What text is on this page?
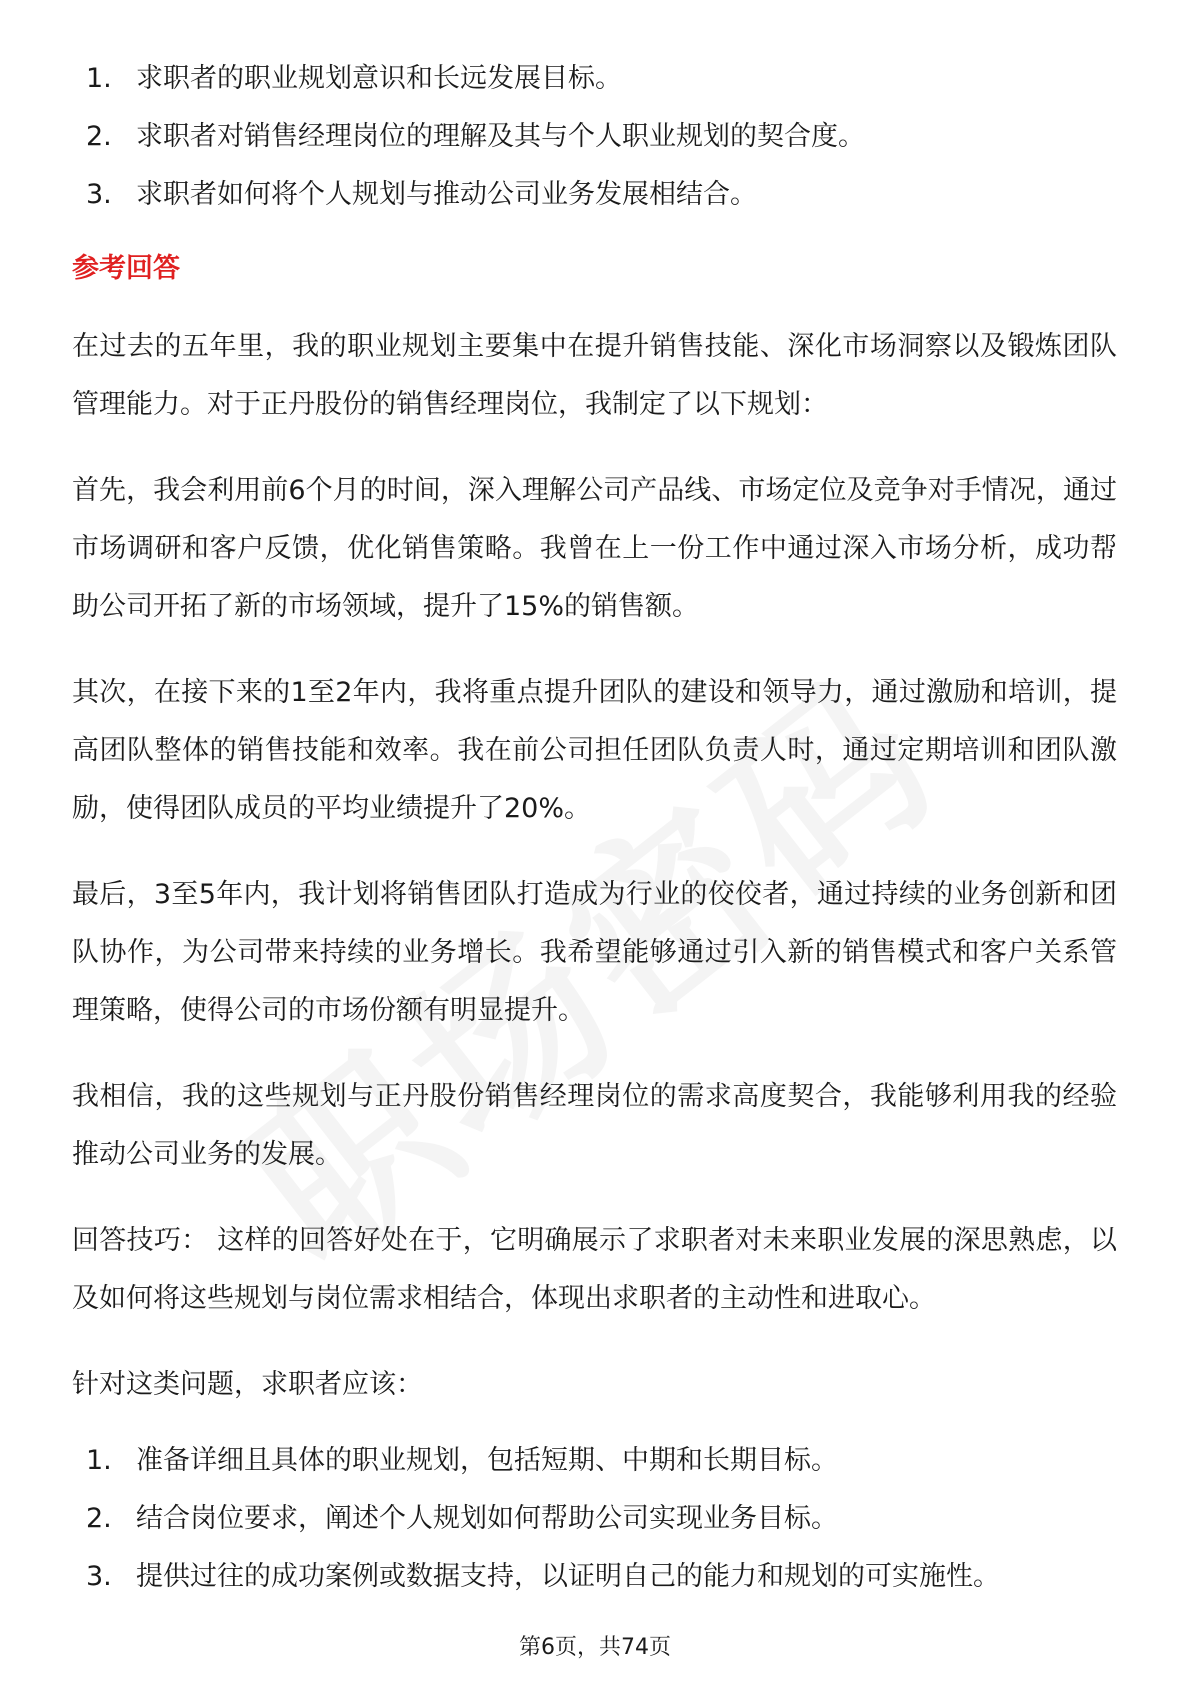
1. 求职者的职业规划意识和长远发展目标。
2. 求职者对销售经理岗位的理解及其与个人职业规划的契合度。
3. 求职者如何将个人规划与推动公司业务发展相结合。
参考回答

在过去的五年里，我的职业规划主要集中在提升销售技能、深化市场洞察以及锻炼团队管理能力。对于正丹股份的销售经理岗位，我制定了以下规划：

首先，我会利用前6个月的时间，深入理解公司产品线、市场定位及竞争对手情况，通过市场调研和客户反馈，优化销售策略。我曾在上一份工作中通过深入市场分析，成功帮助公司开拓了新的市场领域，提升了15%的销售额。

其次，在接下来的1至2年内，我将重点提升团队的建设和领导力，通过激励和培训，提高团队整体的销售技能和效率。我在前公司担任团队负责人时，通过定期培训和团队激励，使得团队成员的平均业绩提升了20%。

最后，3至5年内，我计划将销售团队打造成为行业的佼佼者，通过持续的业务创新和团队协作，为公司带来持续的业务增长。我希望能够通过引入新的销售模式和客户关系管理策略，使得公司的市场份额有明显提升。

我相信，我的这些规划与正丹股份销售经理岗位的需求高度契合，我能够利用我的经验推动公司业务的发展。

回答技巧： 这样的回答好处在于，它明确展示了求职者对未来职业发展的深思熟虑，以及如何将这些规划与岗位需求相结合，体现出求职者的主动性和进取心。

针对这类问题，求职者应该：

1. 准备详细且具体的职业规划，包括短期、中期和长期目标。
2. 结合岗位要求，阐述个人规划如何帮助公司实现业务目标。
3. 提供过往的成功案例或数据支持，以证明自己的能力和规划的可实施性。
第6页，共74页
